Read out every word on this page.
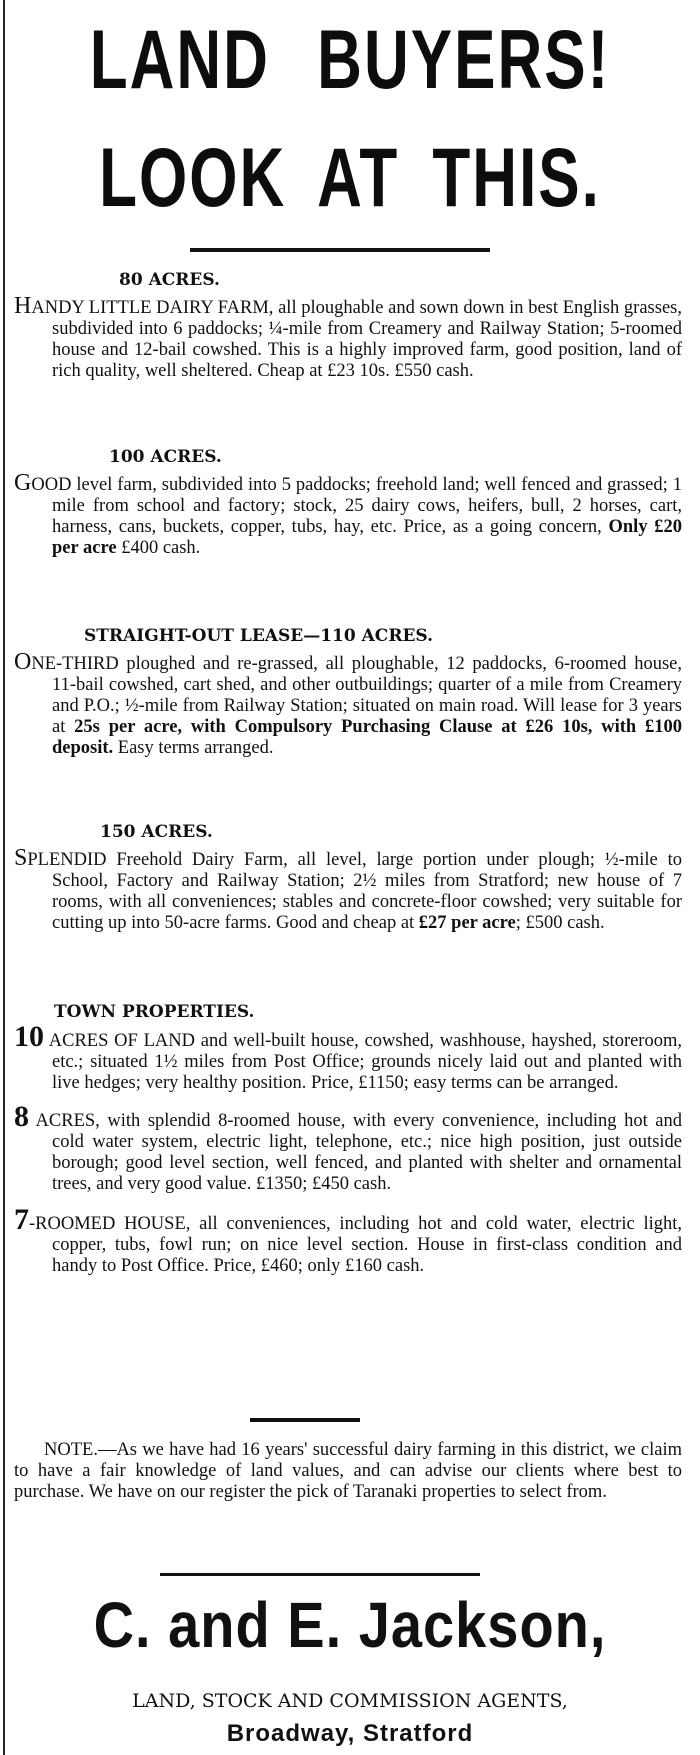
LAND BUYERS!
LOOK AT THIS.

80 ACRES.

HANDY LITTLE DAIRY FARM, all ploughable and sown down in best English grasses, subdivided into 6 paddocks; ¼-mile from Creamery and Railway Station; 5-roomed house and 12-bail cowshed. This is a highly improved farm, good position, land of rich quality, well sheltered. Cheap at £23 10s. £550 cash.

100 ACRES.

GOOD level farm, subdivided into 5 paddocks; freehold land; well fenced and grassed; 1 mile from school and factory; stock, 25 dairy cows, heifers, bull, 2 horses, cart, harness, cans, buckets, copper, tubs, hay, etc. Price, as a going concern, Only £20 per acre £400 cash.

STRAIGHT-OUT LEASE—110 ACRES.

ONE-THIRD ploughed and re-grassed, all ploughable, 12 paddocks, 6-roomed house, 11-bail cowshed, cart shed, and other outbuildings; quarter of a mile from Creamery and P.O.; ½-mile from Railway Station; situated on main road. Will lease for 3 years at 25s per acre, with Compulsory Purchasing Clause at £26 10s, with £100 deposit. Easy terms arranged.

150 ACRES.

SPLENDID Freehold Dairy Farm, all level, large portion under plough; ½-mile to School, Factory and Railway Station; 2½ miles from Stratford; new house of 7 rooms, with all conveniences; stables and concrete-floor cowshed; very suitable for cutting up into 50-acre farms. Good and cheap at £27 per acre; £500 cash.

TOWN PROPERTIES.

10 ACRES OF LAND and well-built house, cowshed, washhouse, hayshed, storeroom, etc.; situated 1½ miles from Post Office; grounds nicely laid out and planted with live hedges; very healthy position. Price, £1150; easy terms can be arranged.

8 ACRES, with splendid 8-roomed house, with every convenience, including hot and cold water system, electric light, telephone, etc.; nice high position, just outside borough; good level section, well fenced, and planted with shelter and ornamental trees, and very good value. £1350; £450 cash.

7-ROOMED HOUSE, all conveniences, including hot and cold water, electric light, copper, tubs, fowl run; on nice level section. House in first-class condition and handy to Post Office. Price, £460; only £160 cash.

NOTE.—As we have had 16 years' successful dairy farming in this district, we claim to have a fair knowledge of land values, and can advise our clients where best to purchase. We have on our register the pick of Taranaki properties to select from.

C. and E. Jackson,

LAND, STOCK AND COMMISSION AGENTS,

Broadway, Stratford
